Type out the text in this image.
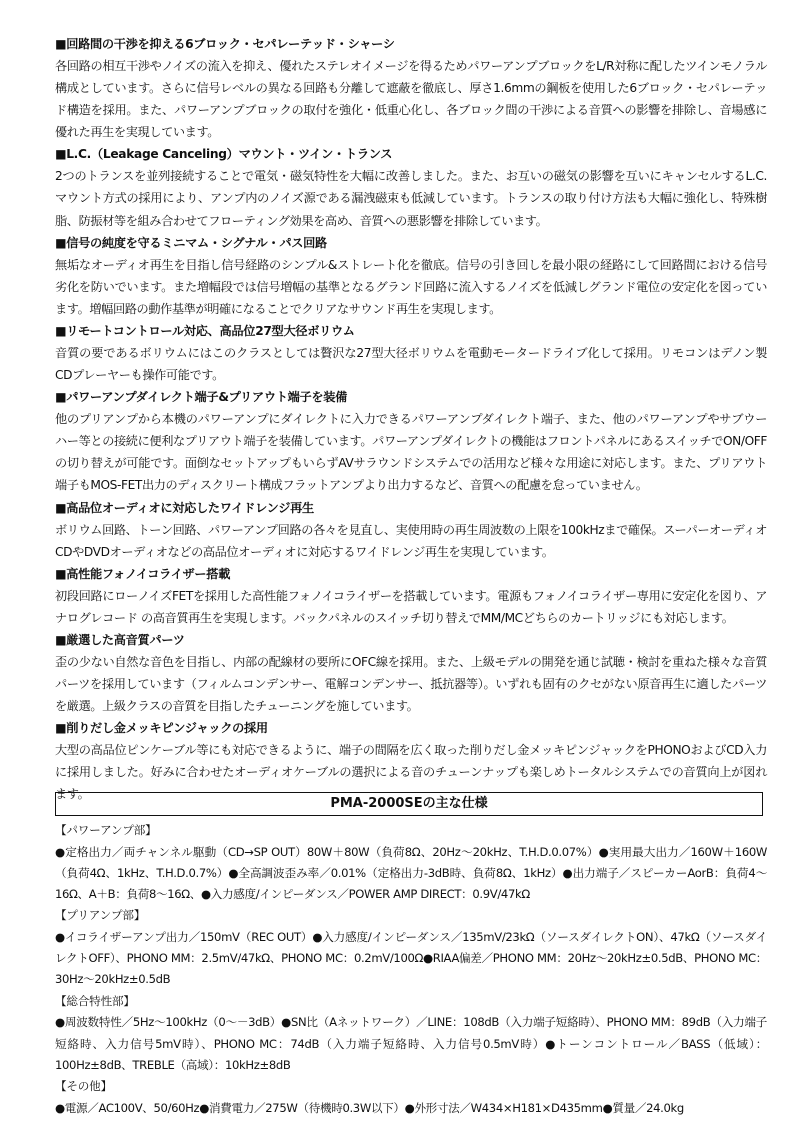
■回路間の干渉を抑える6ブロック・セパレーテッド・シャーシ
各回路の相互干渉やノイズの流入を抑え、優れたステレオイメージを得るためパワーアンプブロックをL/R対称に配したツインモノラル構成としています。さらに信号レベルの異なる回路も分離して遮蔽を徹底し、厚さ1.6mmの鋼板を使用した6ブロック・セパレーテッド構造を採用。また、パワーアンプブロックの取付を強化・低重心化し、各ブロック間の干渉による音質への影響を排除し、音場感に優れた再生を実現しています。
■L.C.（Leakage Canceling）マウント・ツイン・トランス
2つのトランスを並列接続することで電気・磁気特性を大幅に改善しました。また、お互いの磁気の影響を互いにキャンセルするL.C.マウント方式の採用により、アンプ内のノイズ源である漏洩磁束も低減しています。トランスの取り付け方法も大幅に強化し、特殊樹脂、防振材等を組み合わせてフローティング効果を高め、音質への悪影響を排除しています。
■信号の純度を守るミニマム・シグナル・パス回路
無垢なオーディオ再生を目指し信号経路のシンプル&ストレート化を徹底。信号の引き回しを最小限の経路にして回路間における信号劣化を防いでいます。また増幅段では信号増幅の基準となるグランド回路に流入するノイズを低減しグランド電位の安定化を図っています。増幅回路の動作基準が明確になることでクリアなサウンド再生を実現します。
■リモートコントロール対応、高品位27型大径ボリウム
音質の要であるボリウムにはこのクラスとしては贅沢な27型大径ボリウムを電動モータードライブ化して採用。リモコンはデノン製CDプレーヤーも操作可能です。
■パワーアンプダイレクト端子&プリアウト端子を装備
他のプリアンプから本機のパワーアンプにダイレクトに入力できるパワーアンプダイレクト端子、また、他のパワーアンプやサブウーハー等との接続に便利なプリアウト端子を装備しています。パワーアンプダイレクトの機能はフロントパネルにあるスイッチでON/OFFの切り替えが可能です。面倒なセットアップもいらずAVサラウンドシステムでの活用など様々な用途に対応します。また、プリアウト端子もMOS-FET出力のディスクリート構成フラットアンプより出力するなど、音質への配慮を怠っていません。
■高品位オーディオに対応したワイドレンジ再生
ボリウム回路、トーン回路、パワーアンプ回路の各々を見直し、実使用時の再生周波数の上限を100kHzまで確保。スーパーオーディオCDやDVDオーディオなどの高品位オーディオに対応するワイドレンジ再生を実現しています。
■高性能フォノイコライザー搭載
初段回路にローノイズFETを採用した高性能フォノイコライザーを搭載しています。電源もフォノイコライザー専用に安定化を図り、アナログレコード の高音質再生を実現します。バックパネルのスイッチ切り替えでMM/MCどちらのカートリッジにも対応します。
■厳選した高音質パーツ
歪の少ない自然な音色を目指し、内部の配線材の要所にOFC線を採用。また、上級モデルの開発を通じ試聴・検討を重ねた様々な音質パーツを採用しています（フィルムコンデンサー、電解コンデンサー、抵抗器等）。いずれも固有のクセがない原音再生に適したパーツを厳選。上級クラスの音質を目指したチューニングを施しています。
■削りだし金メッキピンジャックの採用
大型の高品位ピンケーブル等にも対応できるように、端子の間隔を広く取った削りだし金メッキピンジャックをPHONOおよびCD入力に採用しました。好みに合わせたオーディオケーブルの選択による音のチューンナップも楽しめトータルシステムでの音質向上が図れます。
PMA-2000SEの主な仕様
【パワーアンプ部】
●定格出力／両チャンネル駆動（CD→SP OUT）80W＋80W（負荷8Ω、20Hz～20kHz、T.H.D.0.07%）●実用最大出力／160W＋160W（負荷4Ω、1kHz、T.H.D.0.7%）●全高調波歪み率／0.01%（定格出力-3dB時、負荷8Ω、1kHz）●出力端子／スピーカーAorB：負荷4～16Ω、A＋B：負荷8～16Ω、●入力感度/インピーダンス／POWER AMP DIRECT：0.9V/47kΩ
【プリアンプ部】
●イコライザーアンプ出力／150mV（REC OUT）●入力感度/インピーダンス／135mV/23kΩ（ソースダイレクトON）、47kΩ（ソースダイレクトOFF）、PHONO MM：2.5mV/47kΩ、PHONO MC：0.2mV/100Ω●RIAA偏差／PHONO MM：20Hz～20kHz±0.5dB、PHONO MC：30Hz～20kHz±0.5dB
【総合特性部】
●周波数特性／5Hz～100kHz（0～－3dB）●SN比（Aネットワーク）／LINE：108dB（入力端子短絡時）、PHONO MM：89dB（入力端子短絡時、入力信号5mV時）、PHONO MC：74dB（入力端子短絡時、入力信号0.5mV時）●トーンコントロール／BASS（低域）：100Hz±8dB、TREBLE（高域）：10kHz±8dB
【その他】
●電源／AC100V、50/60Hz●消費電力／275W（待機時0.3W以下）●外形寸法／W434×H181×D435mm●質量／24.0kg
